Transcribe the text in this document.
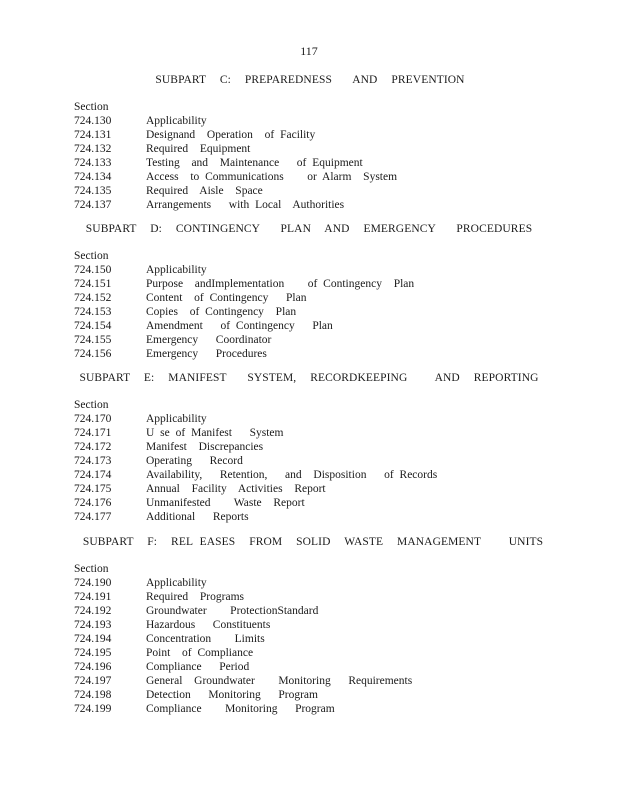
117
SUBPART  C:  PREPAREDNESS   AND  PREVENTION
Section
724.130	Applicability
724.131	Designand  Operation  of Facility
724.132	Required  Equipment
724.133	Testing  and  Maintenance   of Equipment
724.134	Access  to Communications    or Alarm  System
724.135	Required  Aisle  Space
724.137	Arrangements   with Local  Authorities
SUBPART  D:  CONTINGENCY   PLAN  AND  EMERGENCY   PROCEDURES
Section
724.150	Applicability
724.151	Purpose  andImplementation    of Contingency  Plan
724.152	Content  of Contingency   Plan
724.153	Copies  of Contingency  Plan
724.154	Amendment   of Contingency   Plan
724.155	Emergency   Coordinator
724.156	Emergency   Procedures
SUBPART  E:  MANIFEST   SYSTEM,  RECORDKEEPING    AND  REPORTING
Section
724.170	Applicability
724.171	U se of Manifest   System
724.172	Manifest  Discrepancies
724.173	Operating   Record
724.174	Availability,   Retention,   and  Disposition   of Records
724.175	Annual  Facility  Activities  Report
724.176	Unmanifested    Waste  Report
724.177	Additional   Reports
SUBPART  F:  REL EASES  FROM  SOLID  WASTE  MANAGEMENT    UNITS
Section
724.190	Applicability
724.191	Required  Programs
724.192	Groundwater    ProtectionStandard
724.193	Hazardous   Constituents
724.194	Concentration    Limits
724.195	Point  of Compliance
724.196	Compliance   Period
724.197	General  Groundwater    Monitoring   Requirements
724.198	Detection   Monitoring   Program
724.199	Compliance    Monitoring   Program
